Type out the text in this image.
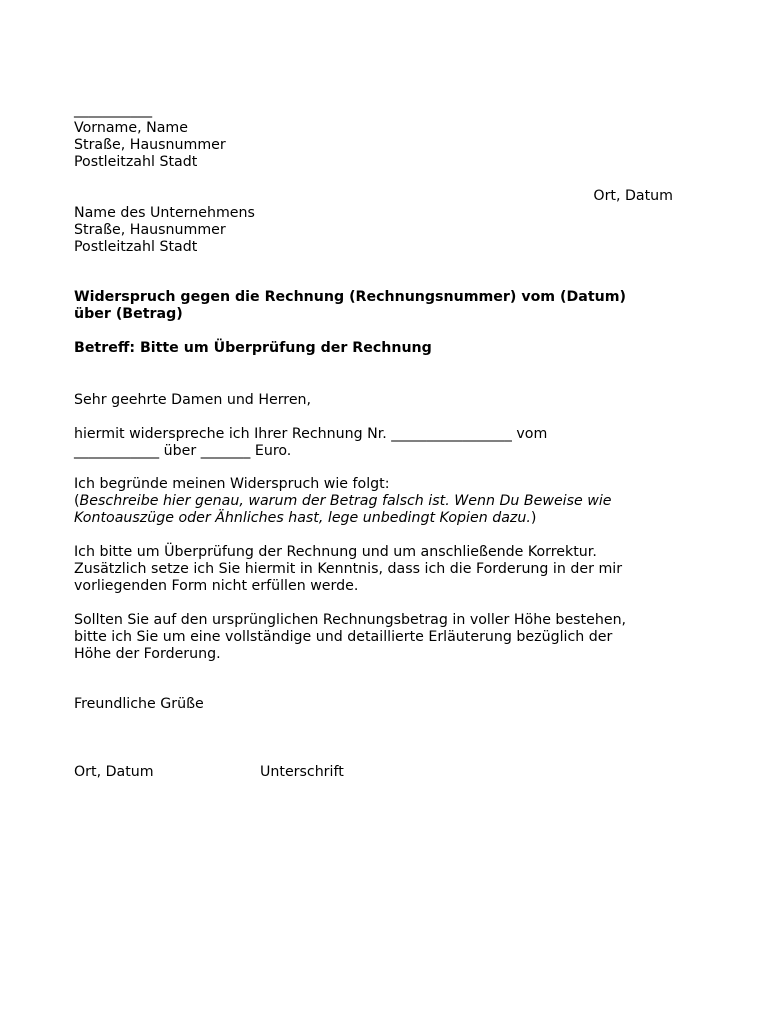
___________
Vorname, Name
Straße, Hausnummer
Postleitzahl Stadt
Ort, Datum
Name des Unternehmens
Straße, Hausnummer
Postleitzahl Stadt
Widerspruch gegen die Rechnung (Rechnungsnummer) vom (Datum)
über (Betrag)
Betreff: Bitte um Überprüfung der Rechnung
Sehr geehrte Damen und Herren,
hiermit widerspreche ich Ihrer Rechnung Nr. _________________ vom
____________ über _______ Euro.
Ich begründe meinen Widerspruch wie folgt:
(Beschreibe hier genau, warum der Betrag falsch ist. Wenn Du Beweise wie
Kontoauszüge oder Ähnliches hast, lege unbedingt Kopien dazu.)
Ich bitte um Überprüfung der Rechnung und um anschließende Korrektur.
Zusätzlich setze ich Sie hiermit in Kenntnis, dass ich die Forderung in der mir
vorliegenden Form nicht erfüllen werde.
Sollten Sie auf den ursprünglichen Rechnungsbetrag in voller Höhe bestehen,
bitte ich Sie um eine vollständige und detaillierte Erläuterung bezüglich der
Höhe der Forderung.
Freundliche Grüße
Ort, Datum	Unterschrift
